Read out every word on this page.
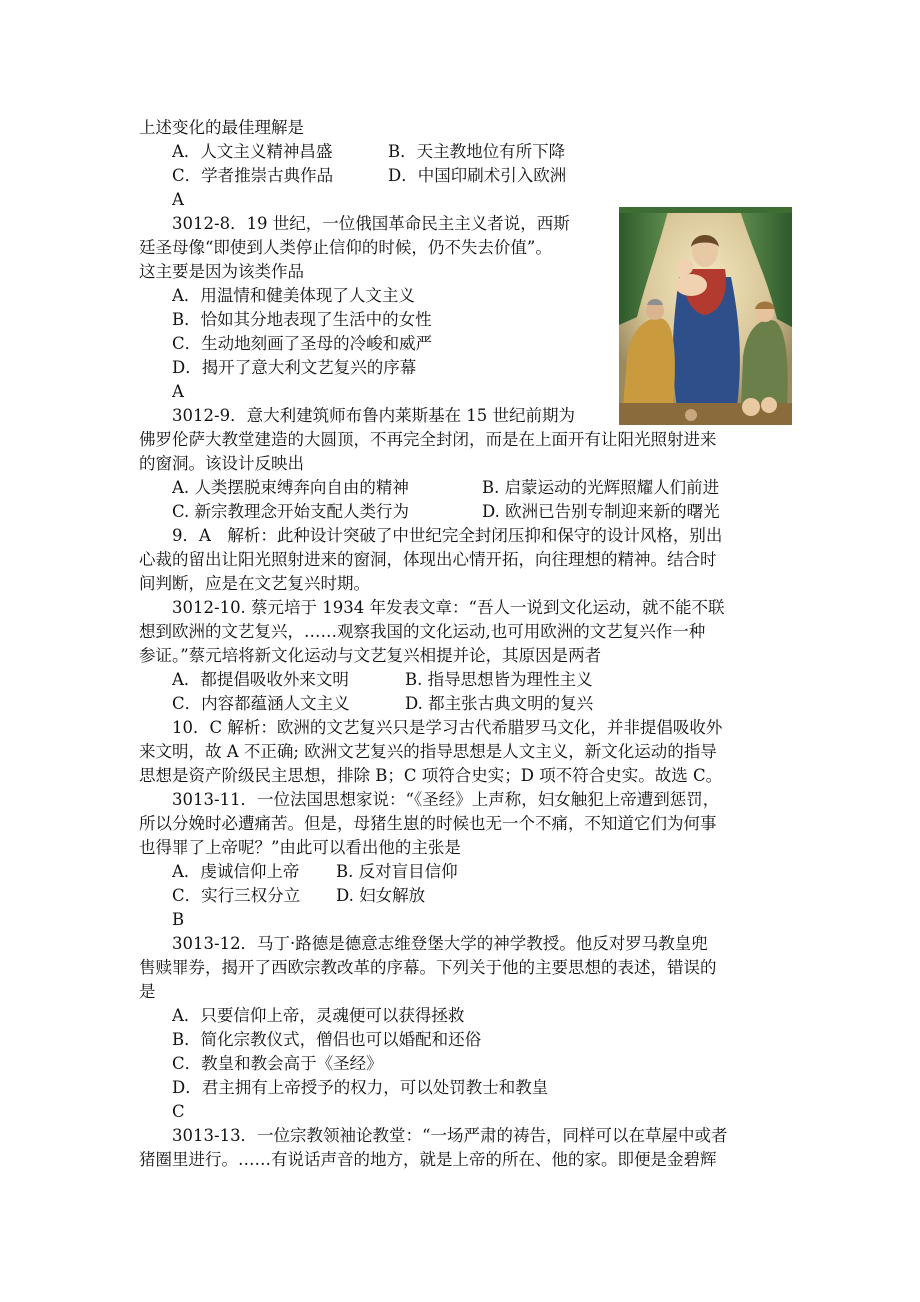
上述变化的最佳理解是
A．人文主义精神昌盛
C．学者推崇古典作品
A
3012-8．19 世纪，一位俄国革命民主主义者说，西斯
廷圣母像“即使到人类停止信仰的时候，仍不失去价值”。
这主要是因为该类作品
A．用温情和健美体现了人文主义
B．恰如其分地表现了生活中的女性
C．生动地刻画了圣母的冷峻和威严
D．揭开了意大利文艺复兴的序幕
A
3012-9．意大利建筑师布鲁内莱斯基在 15 世纪前期为
佛罗伦萨大教堂建造的大圆顶，不再完全封闭，而是在上面开有让阳光照射进来
的窗洞。该设计反映出
A. 人类摆脱束缚奔向自由的精神
C. 新宗教理念开始支配人类行为
9．A　解析：此种设计突破了中世纪完全封闭压抑和保守的设计风格，别出
心裁的留出让阳光照射进来的窗洞，体现出心情开拓，向往理想的精神。结合时
间判断，应是在文艺复兴时期。
3012-10. 蔡元培于 1934 年发表文章：“吾人一说到文化运动，就不能不联
想到欧洲的文艺复兴，……观察我国的文化运动,也可用欧洲的文艺复兴作一种
参证。”蔡元培将新文化运动与文艺复兴相提并论，其原因是两者
A．都提倡吸收外来文明
C．内容都蕴涵人文主义
10．C 解析：欧洲的文艺复兴只是学习古代希腊罗马文化，并非提倡吸收外
来文明，故 A 不正确; 欧洲文艺复兴的指导思想是人文主义，新文化运动的指导
思想是资产阶级民主思想，排除 B；C 项符合史实；D 项不符合史实。故选 C。
3013-11．一位法国思想家说：“《圣经》上声称，妇女触犯上帝遭到惩罚，
所以分娩时必遭痛苦。但是，母猪生崽的时候也无一个不痛，不知道它们为何事
也得罪了上帝呢？”由此可以看出他的主张是
A．虔诚信仰上帝
C．实行三权分立
B
3013-12．马丁·路德是德意志维登堡大学的神学教授。他反对罗马教皇兜
售赎罪券，揭开了西欧宗教改革的序幕。下列关于他的主要思想的表述，错误的
是
A．只要信仰上帝，灵魂便可以获得拯救
B．简化宗教仪式，僧侣也可以婚配和还俗
C．教皇和教会高于《圣经》
D．君主拥有上帝授予的权力，可以处罚教士和教皇
C
3013-13．一位宗教领袖论教堂：“一场严肃的祷告，同样可以在草屋中或者
猪圈里进行。……有说话声音的地方，就是上帝的所在、他的家。即便是金碧辉
B．天主教地位有所下降
D．中国印刷术引入欧洲
B. 启蒙运动的光辉照耀人们前进
D. 欧洲已告别专制迎来新的曙光
B. 指导思想皆为理性主义
D. 都主张古典文明的复兴
B. 反对盲目信仰
D. 妇女解放
